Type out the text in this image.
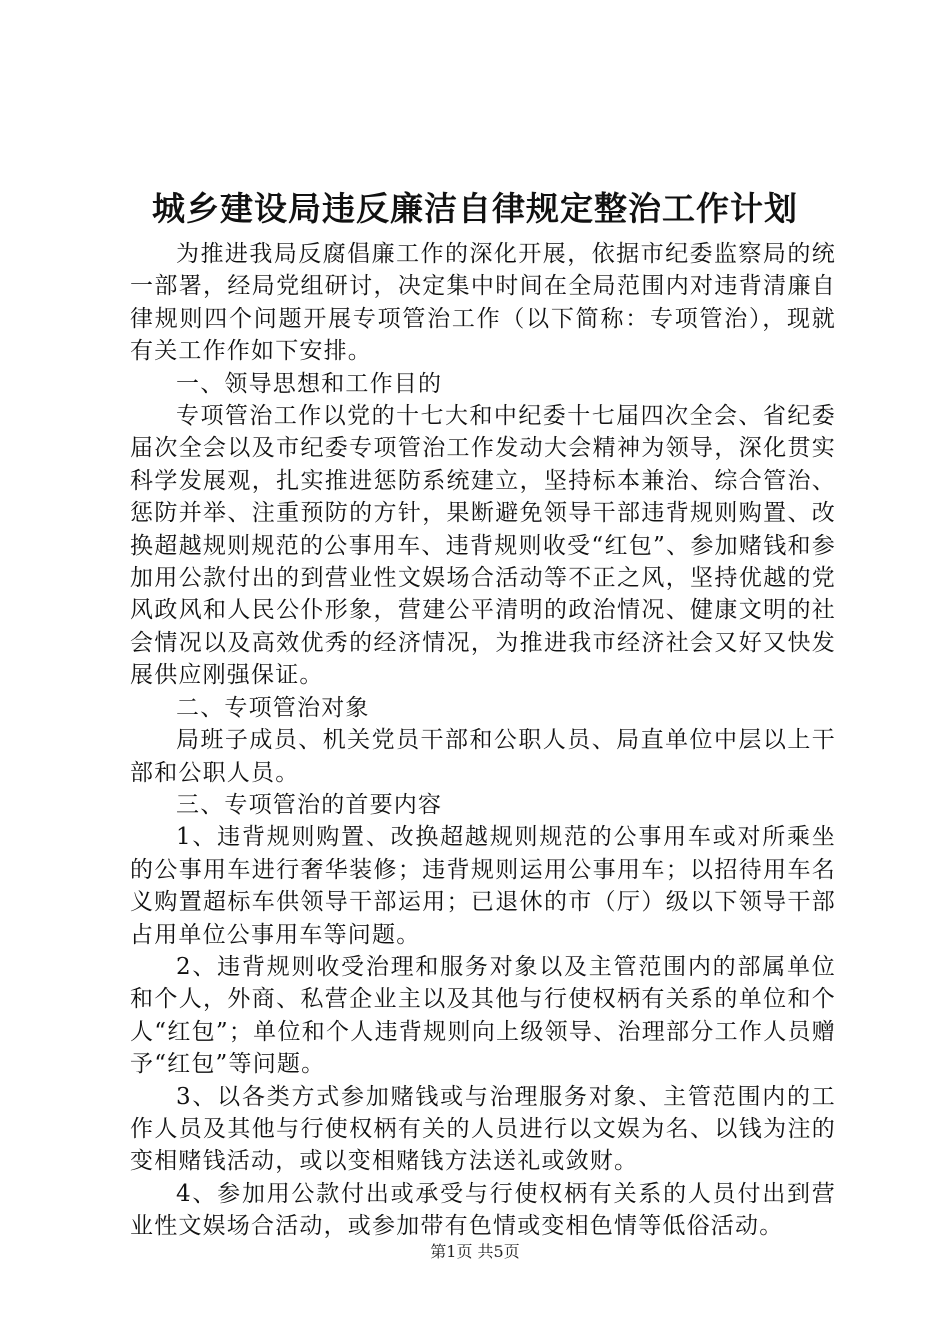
城乡建设局违反廉洁自律规定整治工作计划

为推进我局反腐倡廉工作的深化开展，依据市纪委监察局的统一部署，经局党组研讨，决定集中时间在全局范围内对违背清廉自律规则四个问题开展专项管治工作（以下简称：专项管治），现就有关工作作如下安排。

一、领导思想和工作目的

专项管治工作以党的十七大和中纪委十七届四次全会、省纪委届次全会以及市纪委专项管治工作发动大会精神为领导，深化贯实科学发展观，扎实推进惩防系统建立，坚持标本兼治、综合管治、惩防并举、注重预防的方针，果断避免领导干部违背规则购置、改换超越规则规范的公事用车、违背规则收受“红包”、参加赌钱和参加用公款付出的到营业性文娱场合活动等不正之风，坚持优越的党风政风和人民公仆形象，营建公平清明的政治情况、健康文明的社会情况以及高效优秀的经济情况，为推进我市经济社会又好又快发展供应刚强保证。

二、专项管治对象

局班子成员、机关党员干部和公职人员、局直单位中层以上干部和公职人员。

三、专项管治的首要内容

1、违背规则购置、改换超越规则规范的公事用车或对所乘坐的公事用车进行奢华装修；违背规则运用公事用车；以招待用车名义购置超标车供领导干部运用；已退休的市（厅）级以下领导干部占用单位公事用车等问题。

2、违背规则收受治理和服务对象以及主管范围内的部属单位和个人，外商、私营企业主以及其他与行使权柄有关系的单位和个人“红包”；单位和个人违背规则向上级领导、治理部分工作人员赠予“红包”等问题。

3、以各类方式参加赌钱或与治理服务对象、主管范围内的工作人员及其他与行使权柄有关的人员进行以文娱为名、以钱为注的变相赌钱活动，或以变相赌钱方法送礼或敛财。

4、参加用公款付出或承受与行使权柄有关系的人员付出到营业性文娱场合活动，或参加带有色情或变相色情等低俗活动。

第1页 共5页
